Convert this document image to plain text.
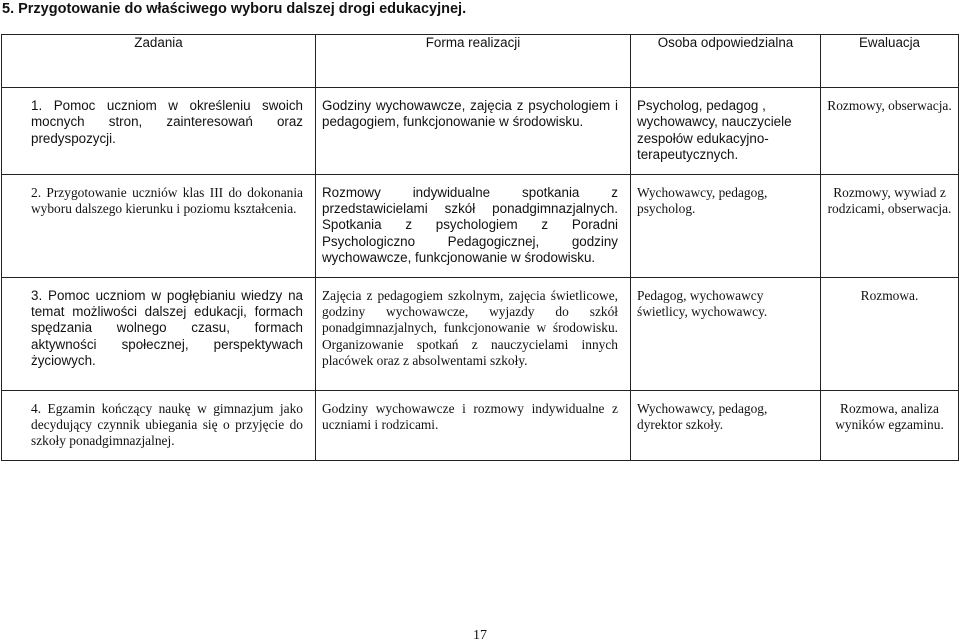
5. Przygotowanie do właściwego wyboru dalszej drogi edukacyjnej.
Zadania	Forma realizacji	Osoba odpowiedzialna	Ewaluacja
1. Pomoc uczniom w określeniu swoich mocnych stron, zainteresowań oraz predyspozycji.	Godziny wychowawcze, zajęcia z psychologiem i pedagogiem, funkcjonowanie w środowisku.	Psycholog, pedagog , wychowawcy, nauczyciele zespołów edukacyjno-terapeutycznych.	Rozmowy, obserwacja.
2. Przygotowanie uczniów klas III do dokonania wyboru dalszego kierunku i poziomu kształcenia.	Rozmowy indywidualne spotkania z przedstawicielami szkół ponadgimnazjalnych. Spotkania z psychologiem z Poradni Psychologiczno Pedagogicznej, godziny wychowawcze, funkcjonowanie w środowisku.	Wychowawcy, pedagog, psycholog.	Rozmowy, wywiad z rodzicami, obserwacja.
3. Pomoc uczniom w pogłębianiu wiedzy na temat możliwości dalszej edukacji, formach spędzania wolnego czasu, formach aktywności społecznej, perspektywach życiowych.	Zajęcia z pedagogiem szkolnym, zajęcia świetlicowe, godziny wychowawcze, wyjazdy do szkół ponadgimnazjalnych, funkcjonowanie w środowisku. Organizowanie spotkań z nauczycielami innych placówek oraz z absolwentami szkoły.	Pedagog, wychowawcy świetlicy, wychowawcy.	Rozmowa.
4. Egzamin kończący naukę w gimnazjum jako decydujący czynnik ubiegania się o przyjęcie do szkoły ponadgimnazjalnej.	Godziny wychowawcze i rozmowy indywidualne z uczniami i rodzicami.	Wychowawcy, pedagog, dyrektor szkoły.	Rozmowa, analiza wyników egzaminu.
17
